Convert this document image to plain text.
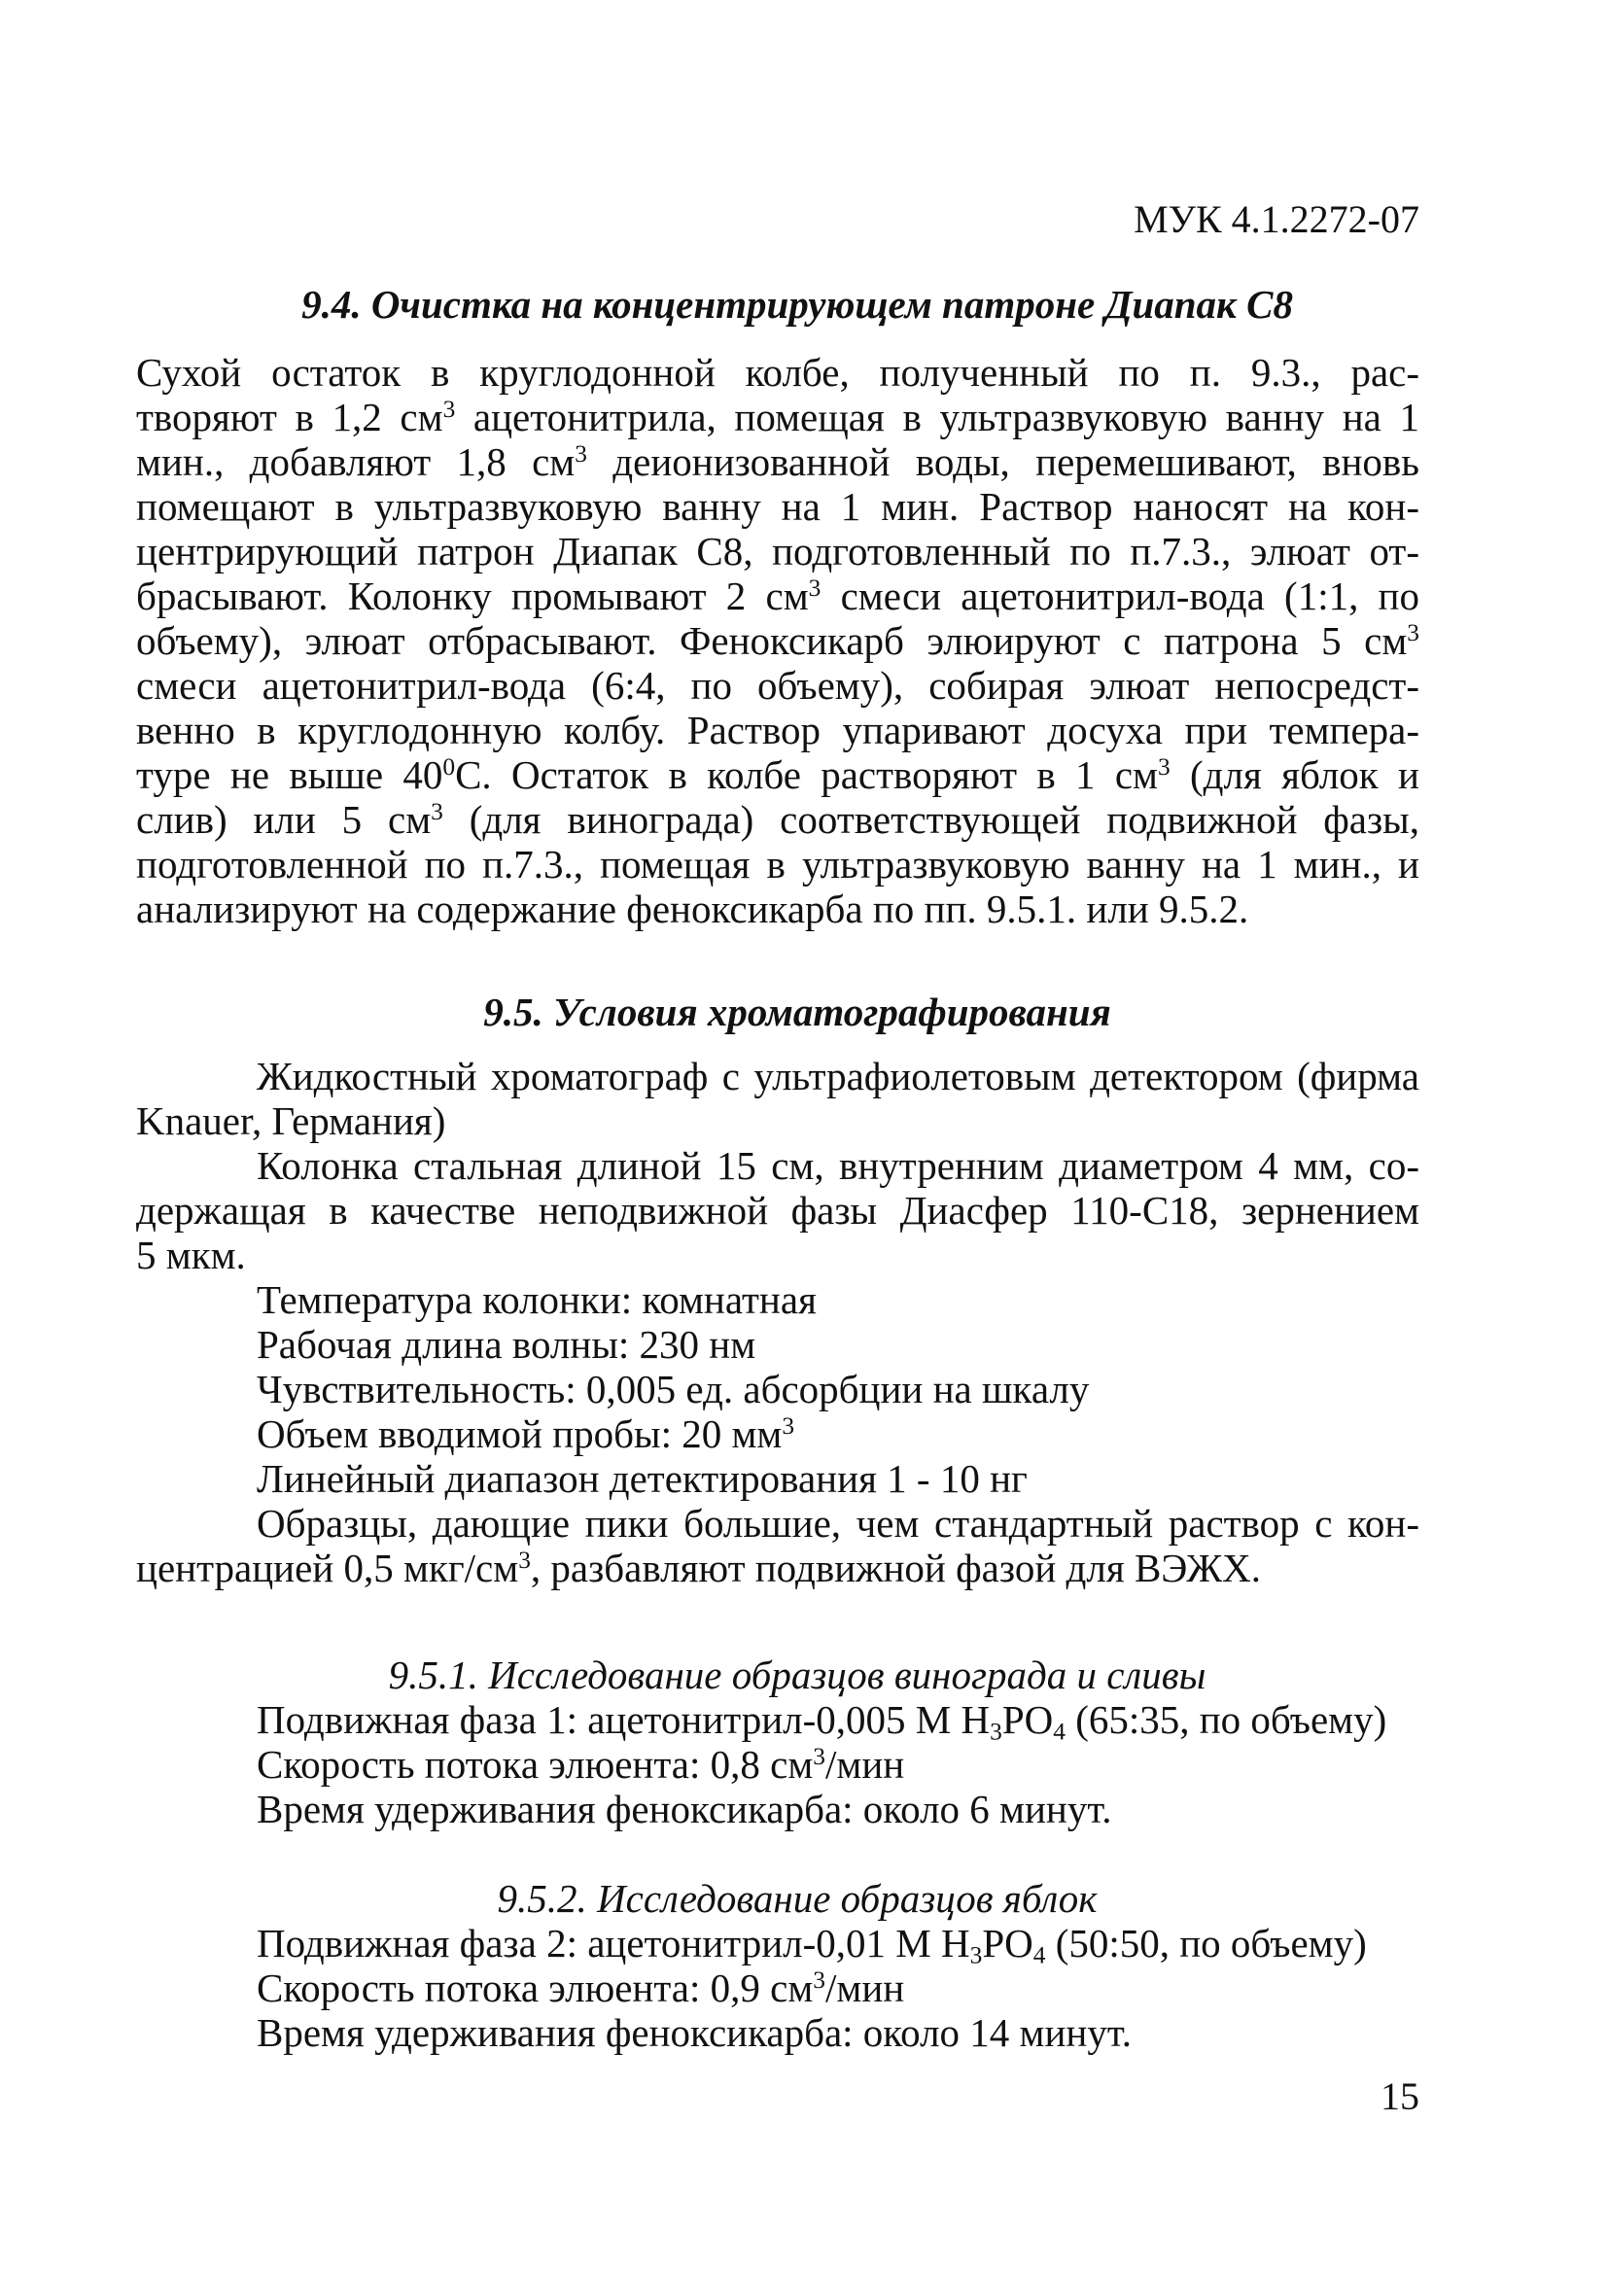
МУК 4.1.2272-07
9.4. Очистка на концентрирующем патроне Диапак С8
Сухой остаток в круглодонной колбе, полученный по п. 9.3., рас-
творяют в 1,2 $см^3$ ацетонитрила, помещая в ультразвуковую ванну на 1
мин., добавляют 1,8 $см^3$ деионизованной воды, перемешивают, вновь
помещают в ультразвуковую ванну на 1 мин. Раствор наносят на кон-
центрирующий патрон Диапак С8, подготовленный по п.7.3., элюат от-
брасывают. Колонку промывают 2 $см^3$ смеси ацетонитрил-вода (1:1, по
объему), элюат отбрасывают. Феноксикарб элюируют с патрона 5 $см^3$
смеси ацетонитрил-вода (6:4, по объему), собирая элюат непосредст-
венно в круглодонную колбу. Раствор упаривают досуха при темпера-
туре не выше $40^0С$. Остаток в колбе растворяют в 1 $см^3$ (для яблок и
слив) или 5 $см^3$ (для винограда) соответствующей подвижной фазы,
подготовленной по п.7.3., помещая в ультразвуковую ванну на 1 мин., и
анализируют на содержание феноксикарба по пп. 9.5.1. или 9.5.2.
9.5. Условия хроматографирования
Жидкостный хроматограф с ультрафиолетовым детектором (фирма
Knauer, Германия)
Колонка стальная длиной 15 см, внутренним диаметром 4 мм, со-
держащая в качестве неподвижной фазы Диасфер 110-С18, зернением
5 мкм.
Температура колонки: комнатная
Рабочая длина волны: 230 нм
Чувствительность: 0,005 ед. абсорбции на шкалу
Объем вводимой пробы: 20 $мм^3$
Линейный диапазон детектирования 1 - 10 нг
Образцы, дающие пики большие, чем стандартный раствор с кон-
центрацией 0,5 мкг/$см^3$, разбавляют подвижной фазой для ВЭЖХ.
9.5.1. Исследование образцов винограда и сливы
Подвижная фаза 1: ацетонитрил-0,005 М H3PO4 (65:35, по объему)
Скорость потока элюента: 0,8 $см^3$/мин
Время удерживания феноксикарба: около 6 минут.
9.5.2. Исследование образцов яблок
Подвижная фаза 2: ацетонитрил-0,01 М H3PO4 (50:50, по объему)
Скорость потока элюента: 0,9 $см^3$/мин
Время удерживания феноксикарба: около 14 минут.
15
